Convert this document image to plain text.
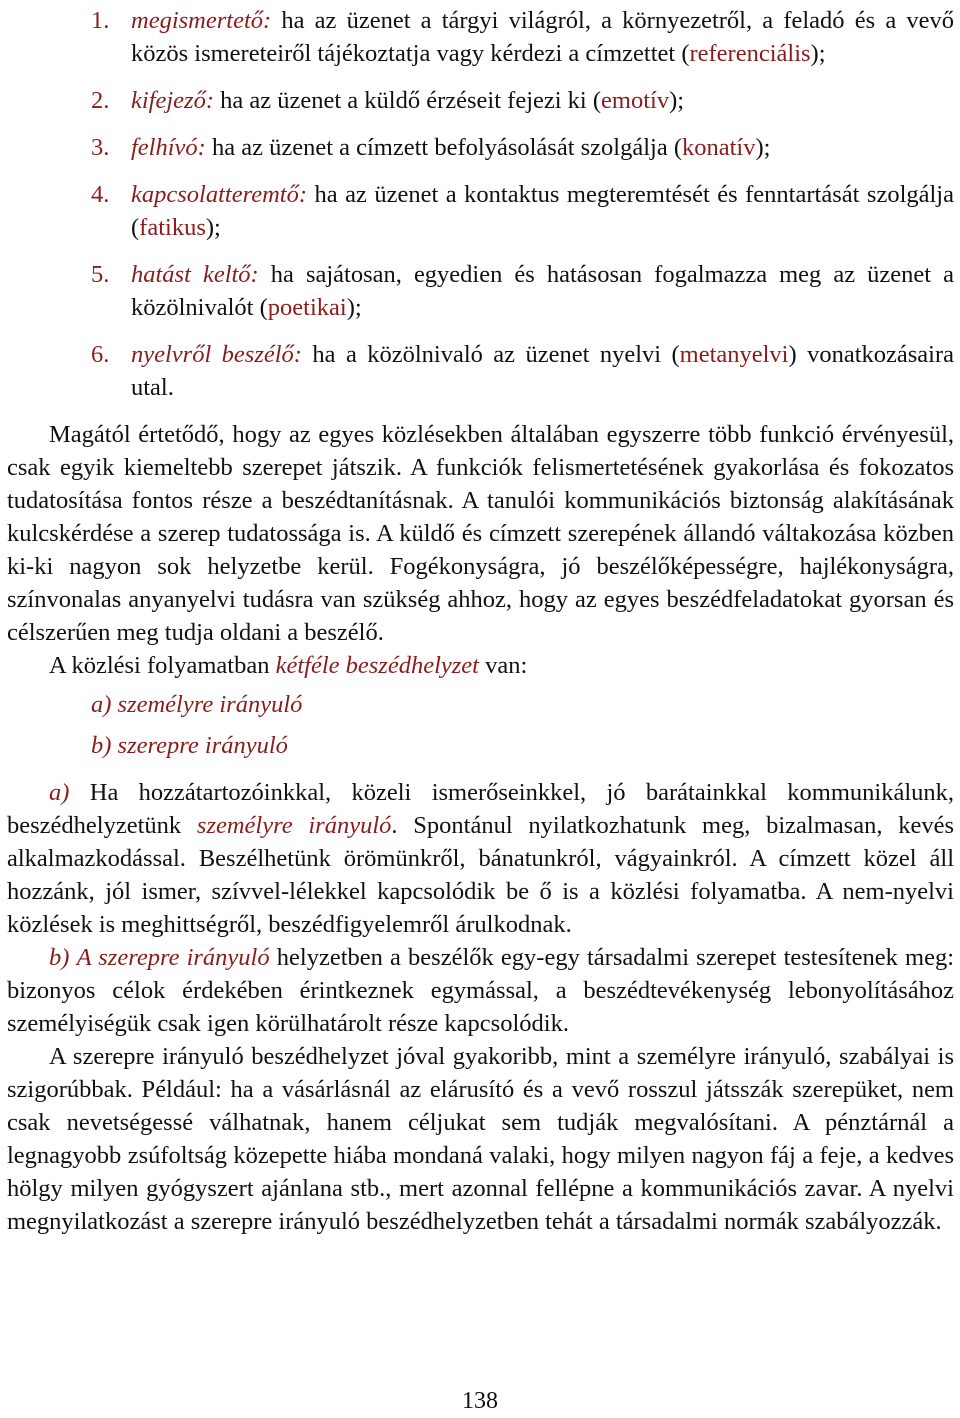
1. megismertető: ha az üzenet a tárgyi világról, a környezetről, a feladó és a vevő közös ismereteiről tájékoztatja vagy kérdezi a címzettet (referenciális);
2. kifejező: ha az üzenet a küldő érzéseit fejezi ki (emotív);
3. felhívó: ha az üzenet a címzett befolyásolását szolgálja (konatív);
4. kapcsolatteremtő: ha az üzenet a kontaktus megteremtését és fenntartását szolgálja (fatikus);
5. hatást keltő: ha sajátosan, egyedien és hatásosan fogalmazza meg az üzenet a közölnivalót (poetikai);
6. nyelvről beszélő: ha a közölnivaló az üzenet nyelvi (metanyelvi) vonatkozásaira utal.

Magától értetődő, hogy az egyes közlésekben általában egyszerre több funkció érvényesül, csak egyik kiemeltebb szerepet játszik. A funkciók felismertetésének gyakorlása és fokozatos tudatosítása fontos része a beszédtanításnak. A tanulói kommunikációs biztonság alakításának kulcskérdése a szerep tudatossága is. A küldő és címzett szerepének állandó váltakozása közben ki-ki nagyon sok helyzetbe kerül. Fogékonyságra, jó beszélőképességre, hajlékonyságra, színvonalas anyanyelvi tudásra van szükség ahhoz, hogy az egyes beszédfeladatokat gyorsan és célszerűen meg tudja oldani a beszélő.

A közlési folyamatban kétféle beszédhelyzet van:

a) személyre irányuló
b) szerepre irányuló

a) Ha hozzátartozóinkkal, közeli ismerőseinkkel, jó barátainkkal kommunikálunk, beszédhelyzetünk személyre irányuló. Spontánul nyilatkozhatunk meg, bizalmasan, kevés alkalmazkodással. Beszélhetünk örömünkről, bánatunkról, vágyainkról. A címzett közel áll hozzánk, jól ismer, szívvel-lélekkel kapcsolódik be ő is a közlési folyamatba. A nem-nyelvi közlések is meghittségről, beszédfigyelemről árulkodnak.

b) A szerepre irányuló helyzetben a beszélők egy-egy társadalmi szerepet testesítenek meg: bizonyos célok érdekében érintkeznek egymással, a beszédtevékenység lebonyolításához személyiségük csak igen körülhatárolt része kapcsolódik.

A szerepre irányuló beszédhelyzet jóval gyakoribb, mint a személyre irányuló, szabályai is szigorúbbak. Például: ha a vásárlásnál az elárusító és a vevő rosszul játsszák szerepüket, nem csak nevetségessé válhatnak, hanem céljukat sem tudják megvalósítani. A pénztárnál a legnagyobb zsúfoltság közepette hiába mondaná valaki, hogy milyen nagyon fáj a feje, a kedves hölgy milyen gyógyszert ajánlana stb., mert azonnal fellépne a kommunikációs zavar. A nyelvi megnyilatkozást a szerepre irányuló beszédhelyzetben tehát a társadalmi normák szabályozzák.

138
